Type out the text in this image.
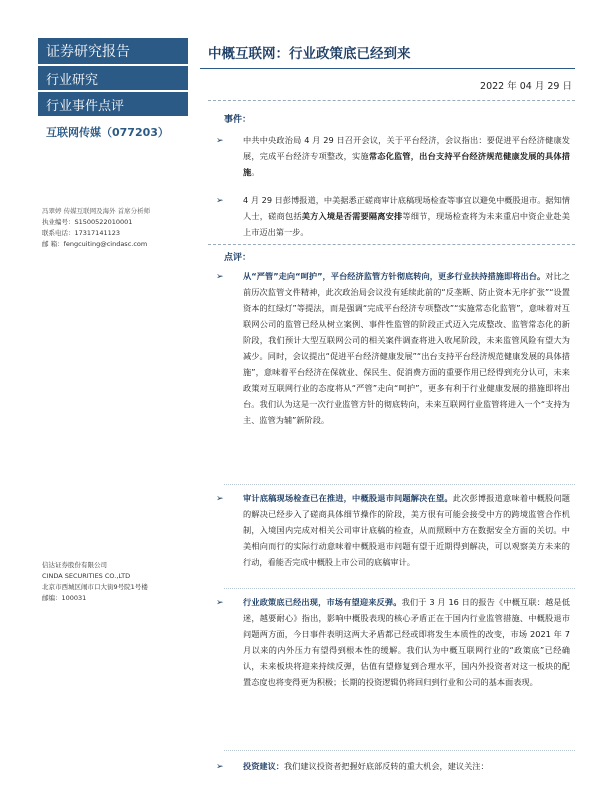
证券研究报告
行业研究
行业事件点评
互联网传媒（077203）
冯翠婷 传媒互联网及海外 首席分析师
执业编号：S1500522010001
联系电话：17317141123
邮 箱：fengcuiting@cindasc.com
信达证券股份有限公司
CINDA SECURITIES CO.,LTD
北京市西城区闹市口大街9号院1号楼
邮编：100031
中概互联网：行业政策底已经到来
2022 年 04 月 29 日
事件：
➢ 中共中央政治局 4 月 29 日召开会议，关于平台经济，会议指出：要促进平台经济健康发展，完成平台经济专项整改，实施常态化监管，出台支持平台经济规范健康发展的具体措施。
➢ 4 月 29 日彭博报道，中美据悉正磋商审计底稿现场检查等事宜以避免中概股退市。据知情人士，磋商包括美方入境是否需要隔离安排等细节，现场检查将为未来重启中资企业赴美上市迈出第一步。
点评：
➢ 从“严管”走向“呵护”，平台经济监管方针彻底转向，更多行业扶持措施即将出台。对比之前历次监管文件精神，此次政治局会议没有延续此前的“反垄断、防止资本无序扩张”“设置资本的红绿灯”等提法，而是强调“完成平台经济专项整改”“实施常态化监管”，意味着对互联网公司的监管已经从树立案例、事件性监管的阶段正式迈入完成整改、监管常态化的新阶段，我们预计大型互联网公司的相关案件调查将进入收尾阶段，未来监管风险有望大为减少。同时，会议提出“促进平台经济健康发展”“出台支持平台经济规范健康发展的具体措施”，意味着平台经济在保就业、保民生、促消费方面的重要作用已经得到充分认可，未来政策对互联网行业的态度将从“严管”走向“呵护”，更多有利于行业健康发展的措施即将出台。我们认为这是一次行业监管方针的彻底转向，未来互联网行业监管将进入一个“支持为主、监管为辅”新阶段。
➢ 审计底稿现场检查已在推进，中概股退市问题解决在望。此次彭博报道意味着中概股问题的解决已经步入了磋商具体细节操作的阶段，美方很有可能会接受中方的跨境监管合作机制，入境国内完成对相关公司审计底稿的检查，从而照顾中方在数据安全方面的关切。中美相向而行的实际行动意味着中概股退市问题有望于近期得到解决，可以观察美方未来的行动，看能否完成中概股上市公司的底稿审计。
➢ 行业政策底已经出现，市场有望迎来反弹。我们于 3 月 16 日的报告《中概互联：越是低迷，越要耐心》指出，影响中概股表现的核心矛盾正在于国内行业监管措施、中概股退市问题两方面，今日事件表明这两大矛盾都已经或即将发生本质性的改变，市场 2021 年 7 月以来的内外压力有望得到根本性的缓解。我们认为中概互联网行业的“政策底”已经确认，未来板块将迎来持续反弹，估值有望修复到合理水平，国内外投资者对这一板块的配置态度也将变得更为积极；长期的投资逻辑仍将回归到行业和公司的基本面表现。
➢ 投资建议：我们建议投资者把握好底部反转的重大机会，建议关注：
